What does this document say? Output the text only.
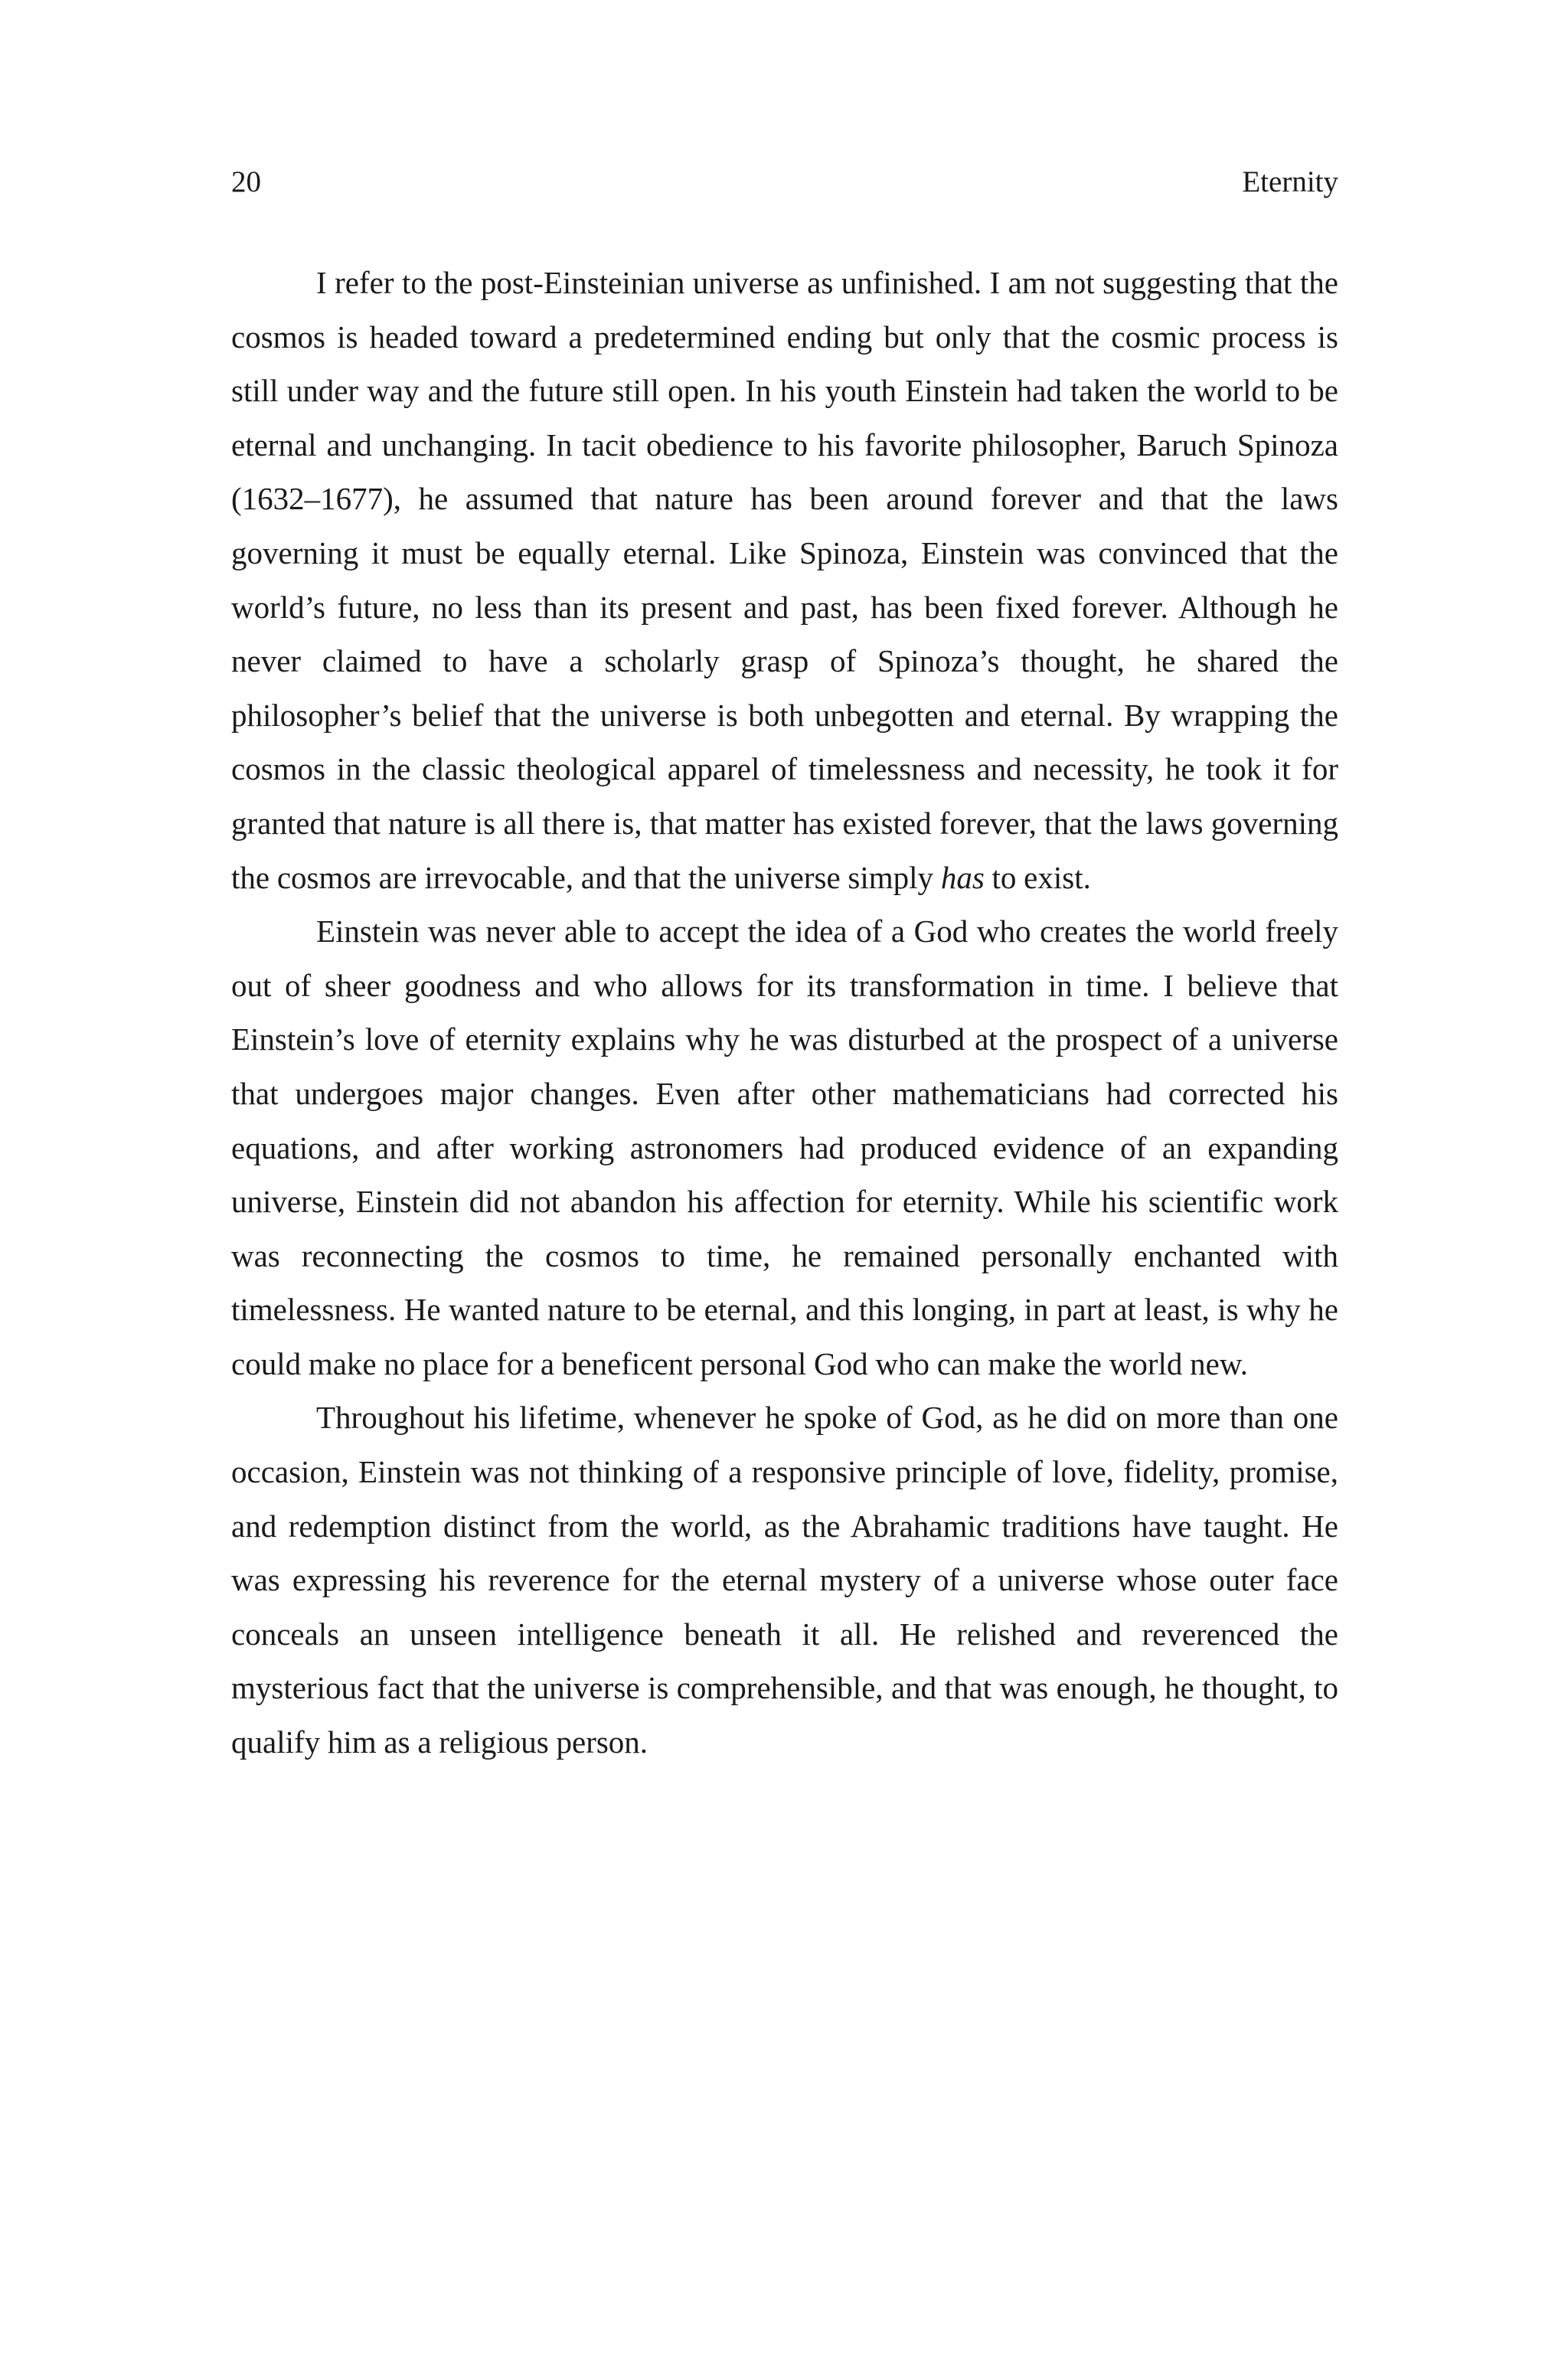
20	Eternity

I refer to the post-Einsteinian universe as unfinished. I am not suggesting that the cosmos is headed toward a predetermined ending but only that the cosmic process is still under way and the future still open. In his youth Einstein had taken the world to be eternal and unchanging. In tacit obedience to his favorite philosopher, Baruch Spinoza (1632–1677), he assumed that nature has been around forever and that the laws governing it must be equally eternal. Like Spinoza, Einstein was convinced that the world’s future, no less than its present and past, has been fixed forever. Although he never claimed to have a scholarly grasp of Spinoza’s thought, he shared the philosopher’s belief that the universe is both unbegotten and eternal. By wrapping the cosmos in the classic theological apparel of timelessness and necessity, he took it for granted that nature is all there is, that matter has existed forever, that the laws governing the cosmos are irrevocable, and that the universe simply has to exist.

Einstein was never able to accept the idea of a God who creates the world freely out of sheer goodness and who allows for its transformation in time. I believe that Einstein’s love of eternity explains why he was disturbed at the prospect of a universe that undergoes major changes. Even after other mathematicians had corrected his equations, and after working astronomers had produced evidence of an expanding universe, Einstein did not abandon his affection for eternity. While his scientific work was reconnecting the cosmos to time, he remained personally enchanted with timelessness. He wanted nature to be eternal, and this longing, in part at least, is why he could make no place for a beneficent personal God who can make the world new.

Throughout his lifetime, whenever he spoke of God, as he did on more than one occasion, Einstein was not thinking of a responsive principle of love, fidelity, promise, and redemption distinct from the world, as the Abrahamic traditions have taught. He was expressing his reverence for the eternal mystery of a universe whose outer face conceals an unseen intelligence beneath it all. He relished and reverenced the mysterious fact that the universe is comprehensible, and that was enough, he thought, to qualify him as a religious person.
